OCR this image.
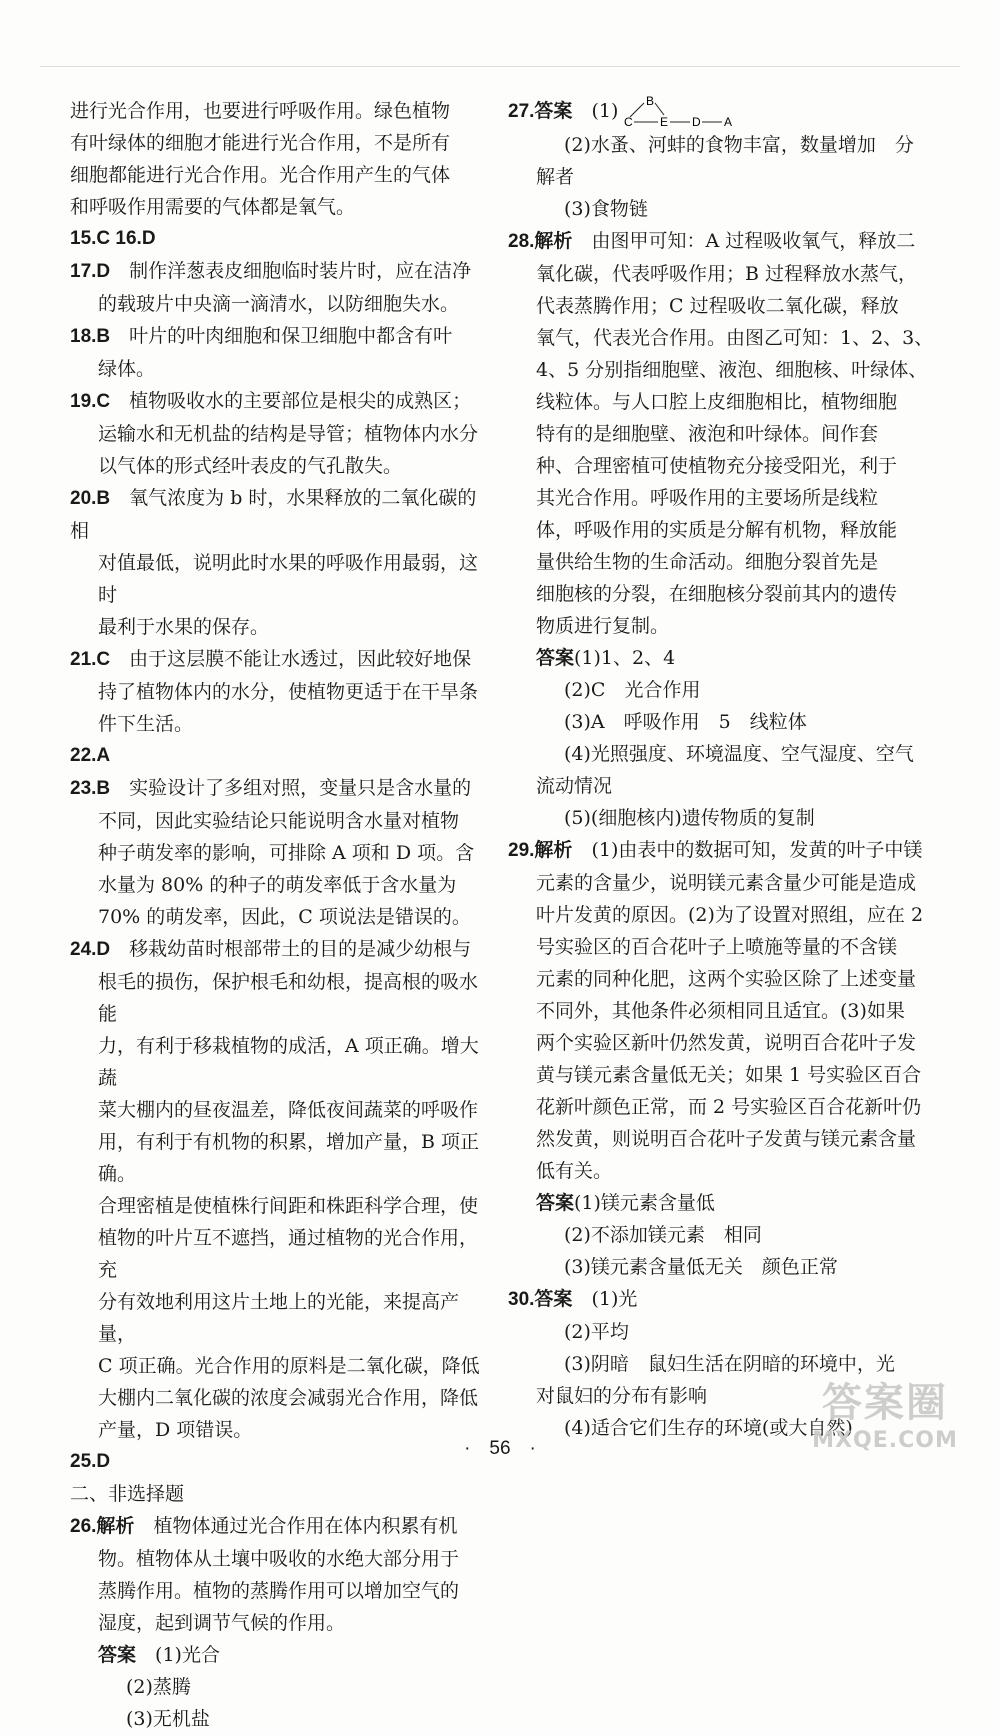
进行光合作用，也要进行呼吸作用。绿色植物

有叶绿体的细胞才能进行光合作用，不是所有

细胞都能进行光合作用。光合作用产生的气体

和呼吸作用需要的气体都是氧气。

15.C 16.D

17.D　 制作洋葱表皮细胞临时装片时，应在洁净

的载玻片中央滴一滴清水，以防细胞失水。

18.B　 叶片的叶肉细胞和保卫细胞中都含有叶

绿体。

19.C　 植物吸收水的主要部位是根尖的成熟区；

运输水和无机盐的结构是导管；植物体内水分

以气体的形式经叶表皮的气孔散失。

20.B　 氧气浓度为 b 时，水果释放的二氧化碳的相

对值最低，说明此时水果的呼吸作用最弱，这时

最利于水果的保存。

21.C　 由于这层膜不能让水透过，因此较好地保

持了植物体内的水分，使植物更适于在干旱条

件下生活。

22.A

23.B　 实验设计了多组对照，变量只是含水量的

不同，因此实验结论只能说明含水量对植物

种子萌发率的影响，可排除 A 项和 D 项。含

水量为 80% 的种子的萌发率低于含水量为

70% 的萌发率，因此，C 项说法是错误的。

24.D　 移栽幼苗时根部带土的目的是减少幼根与

根毛的损伤，保护根毛和幼根，提高根的吸水能

力，有利于移栽植物的成活，A 项正确。增大蔬

菜大棚内的昼夜温差，降低夜间蔬菜的呼吸作

用，有利于有机物的积累，增加产量，B 项正确。

合理密植是使植株行间距和株距科学合理，使

植物的叶片互不遮挡，通过植物的光合作用，充

分有效地利用这片土地上的光能，来提高产量，

C 项正确。光合作用的原料是二氧化碳，降低

大棚内二氧化碳的浓度会减弱光合作用，降低

产量，D 项错误。

25.D

二、非选择题

26.解析　 植物体通过光合作用在体内积累有机

物。植物体从土壤中吸收的水绝大部分用于

蒸腾作用。植物的蒸腾作用可以增加空气的

湿度，起到调节气候的作用。

答案　 (1)光合

(2)蒸腾

(3)无机盐

27.答案　 (1) B
C E D A

(2)水蚤、河蚌的食物丰富，数量增加　分

解者

(3)食物链

28.解析　 由图甲可知：A 过程吸收氧气，释放二

氧化碳，代表呼吸作用；B 过程释放水蒸气，

代表蒸腾作用；C 过程吸收二氧化碳，释放

氧气，代表光合作用。由图乙可知：1、2、3、

4、5 分别指细胞壁、液泡、细胞核、叶绿体、

线粒体。与人口腔上皮细胞相比，植物细胞

特有的是细胞壁、液泡和叶绿体。间作套

种、合理密植可使植物充分接受阳光，利于

其光合作用。呼吸作用的主要场所是线粒

体，呼吸作用的实质是分解有机物，释放能

量供给生物的生命活动。细胞分裂首先是

细胞核的分裂，在细胞核分裂前其内的遗传

物质进行复制。

答案(1)1、2、4

(2)C　光合作用

(3)A　呼吸作用　5　线粒体

(4)光照强度、环境温度、空气湿度、空气

流动情况

(5)(细胞核内)遗传物质的复制

29.解析　 (1)由表中的数据可知，发黄的叶子中镁

元素的含量少，说明镁元素含量少可能是造成

叶片发黄的原因。(2)为了设置对照组，应在 2

号实验区的百合花叶子上喷施等量的不含镁

元素的同种化肥，这两个实验区除了上述变量

不同外，其他条件必须相同且适宜。(3)如果

两个实验区新叶仍然发黄，说明百合花叶子发

黄与镁元素含量低无关；如果 1 号实验区百合

花新叶颜色正常，而 2 号实验区百合花新叶仍

然发黄，则说明百合花叶子发黄与镁元素含量

低有关。

答案(1)镁元素含量低

(2)不添加镁元素　相同

(3)镁元素含量低无关　颜色正常

30.答案　 (1)光

(2)平均

(3)阴暗　鼠妇生活在阴暗的环境中，光

对鼠妇的分布有影响

(4)适合它们生存的环境(或大自然)

·　56　·
答案圈
MXQE.COM
